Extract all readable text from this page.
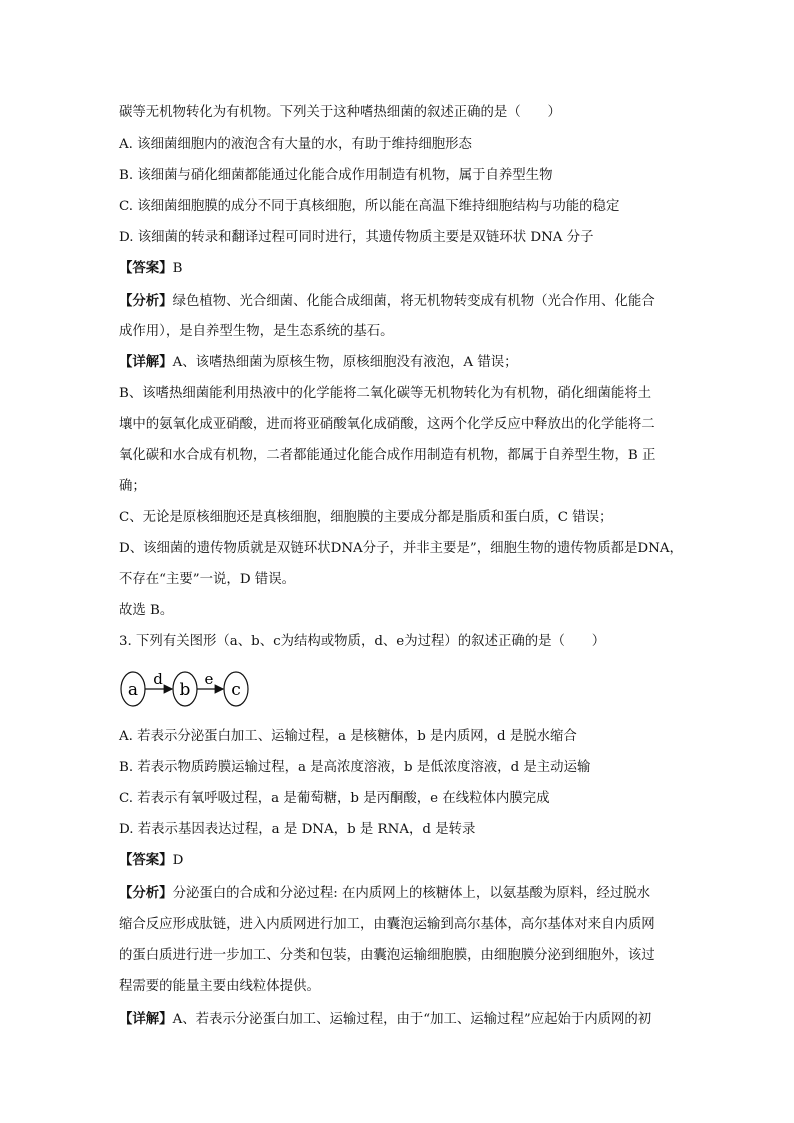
碳等无机物转化为有机物。下列关于这种嗜热细菌的叙述正确的是（　　）
A. 该细菌细胞内的液泡含有大量的水，有助于维持细胞形态
B. 该细菌与硝化细菌都能通过化能合成作用制造有机物，属于自养型生物
C. 该细菌细胞膜的成分不同于真核细胞，所以能在高温下维持细胞结构与功能的稳定
D. 该细菌的转录和翻译过程可同时进行，其遗传物质主要是双链环状 DNA 分子
【答案】B
【分析】绿色植物、光合细菌、化能合成细菌，将无机物转变成有机物（光合作用、化能合
成作用），是自养型生物，是生态系统的基石。
【详解】A、该嗜热细菌为原核生物，原核细胞没有液泡，A 错误；
B、该嗜热细菌能利用热液中的化学能将二氧化碳等无机物转化为有机物，硝化细菌能将土
壤中的氨氧化成亚硝酸，进而将亚硝酸氧化成硝酸，这两个化学反应中释放出的化学能将二
氧化碳和水合成有机物，二者都能通过化能合成作用制造有机物，都属于自养型生物，B 正
确；
C、无论是原核细胞还是真核细胞，细胞膜的主要成分都是脂质和蛋白质，C 错误；
D、该细菌的遗传物质就是双链环状DNA分子，并非主要是”，细胞生物的遗传物质都是DNA，
不存在“主要”一说，D 错误。
故选 B。
3. 下列有关图形（a、b、c为结构或物质，d、e为过程）的叙述正确的是（　　）
a b c
d	e
A. 若表示分泌蛋白加工、运输过程，a 是核糖体，b 是内质网，d 是脱水缩合
B. 若表示物质跨膜运输过程，a 是高浓度溶液，b 是低浓度溶液，d 是主动运输
C. 若表示有氧呼吸过程，a 是葡萄糖，b 是丙酮酸，e 在线粒体内膜完成
D. 若表示基因表达过程，a 是 DNA，b 是 RNA，d 是转录
【答案】D
【分析】分泌蛋白的合成和分泌过程: 在内质网上的核糖体上，以氨基酸为原料，经过脱水
缩合反应形成肽链，进入内质网进行加工，由囊泡运输到高尔基体，高尔基体对来自内质网
的蛋白质进行进一步加工、分类和包装，由囊泡运输细胞膜，由细胞膜分泌到细胞外，该过
程需要的能量主要由线粒体提供。
【详解】A、若表示分泌蛋白加工、运输过程，由于“加工、运输过程”应起始于内质网的初
